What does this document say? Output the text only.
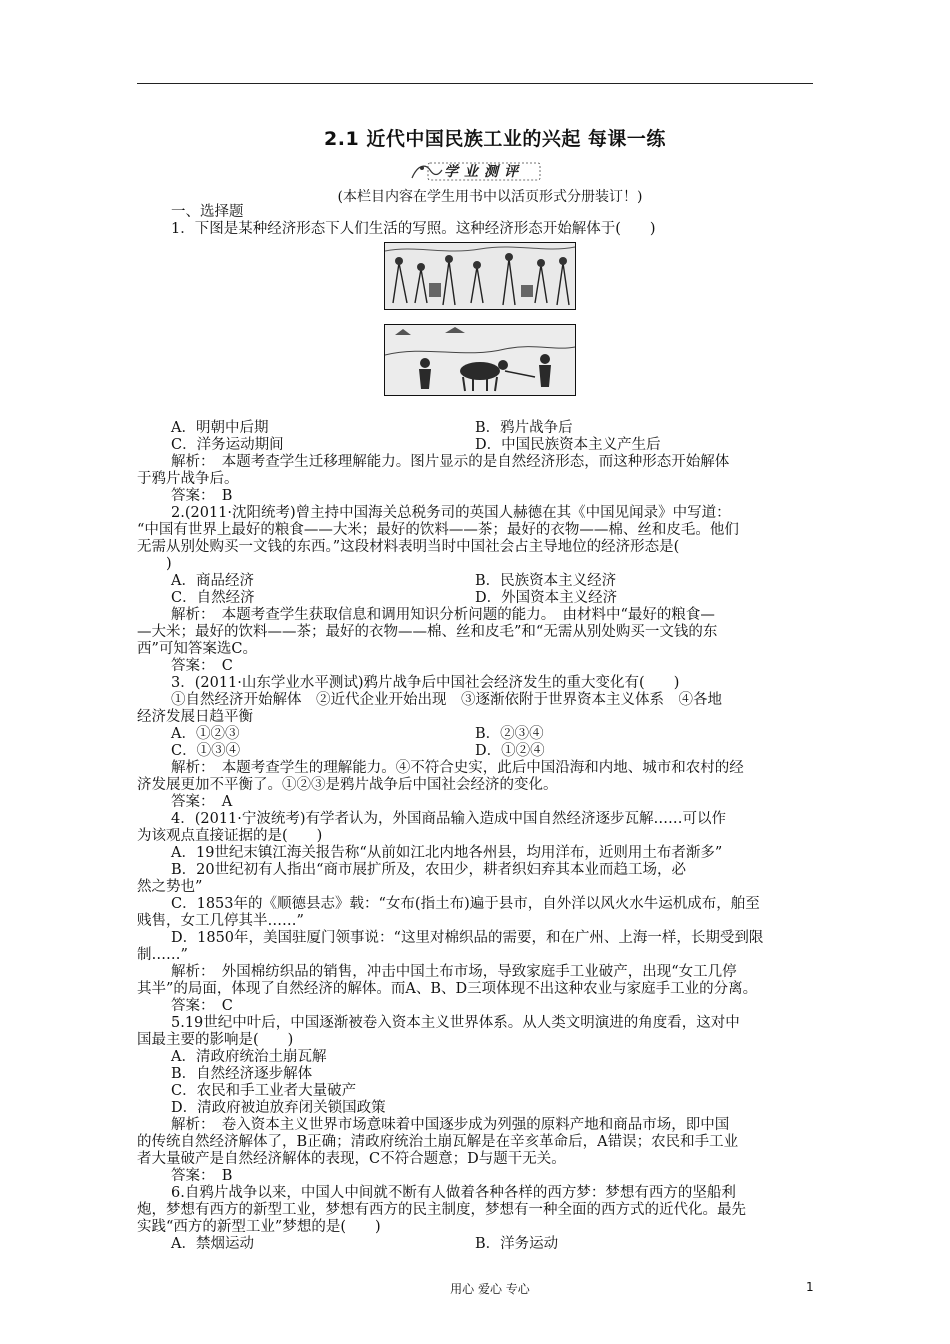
2.1 近代中国民族工业的兴起 每课一练
学业测评
(本栏目内容在学生用书中以活页形式分册装订！)

一、选择题

1．下图是某种经济形态下人们生活的写照。这种经济形态开始解体于(　　)

A．明朝中后期	B．鸦片战争后
C．洋务运动期间	D．中国民族资本主义产生后

解析：　本题考查学生迁移理解能力。图片显示的是自然经济形态，而这种形态开始解体

于鸦片战争后。

答案：　B

2.(2011·沈阳统考)曾主持中国海关总税务司的英国人赫德在其《中国见闻录》中写道：

“中国有世界上最好的粮食——大米；最好的饮料——茶；最好的衣物——棉、丝和皮毛。他们

无需从别处购买一文钱的东西。”这段材料表明当时中国社会占主导地位的经济形态是(

　　)

A．商品经济	B．民族资本主义经济
C．自然经济	D．外国资本主义经济

解析：　本题考查学生获取信息和调用知识分析问题的能力。　由材料中“最好的粮食—

—大米；最好的饮料——茶；最好的衣物——棉、丝和皮毛”和“无需从别处购买一文钱的东

西”可知答案选C。

答案：　C

3．(2011·山东学业水平测试)鸦片战争后中国社会经济发生的重大变化有(　　)

①自然经济开始解体　②近代企业开始出现　③逐渐依附于世界资本主义体系　④各地

经济发展日趋平衡

A．①②③	B．②③④
C．①③④	D．①②④

解析：　本题考查学生的理解能力。④不符合史实，此后中国沿海和内地、城市和农村的经

济发展更加不平衡了。①②③是鸦片战争后中国社会经济的变化。

答案：　A

4．(2011·宁波统考)有学者认为，外国商品输入造成中国自然经济逐步瓦解……可以作

为该观点直接证据的是(　　)

A．19世纪末镇江海关报告称“从前如江北内地各州县，均用洋布，近则用土布者渐多”

B．20世纪初有人指出“商市展扩所及，农田少，耕者织妇弃其本业而趋工场，必

然之势也”

C．1853年的《顺德县志》载：“女布(指土布)遍于县市，自外洋以风火水牛运机成布，舶至

贱售，女工几停其半……”

D．1850年，美国驻厦门领事说：“这里对棉织品的需要，和在广州、上海一样，长期受到限

制……”

解析：　外国棉纺织品的销售，冲击中国土布市场，导致家庭手工业破产，出现“女工几停

其半”的局面，体现了自然经济的解体。而A、B、D三项体现不出这种农业与家庭手工业的分离。

答案：　C

5.19世纪中叶后，中国逐渐被卷入资本主义世界体系。从人类文明演进的角度看，这对中

国最主要的影响是(　　)

A．清政府统治土崩瓦解

B．自然经济逐步解体

C．农民和手工业者大量破产

D．清政府被迫放弃闭关锁国政策

解析：　卷入资本主义世界市场意味着中国逐步成为列强的原料产地和商品市场，即中国

的传统自然经济解体了，B正确；清政府统治土崩瓦解是在辛亥革命后，A错误；农民和手工业

者大量破产是自然经济解体的表现，C不符合题意；D与题干无关。

答案：　B

6.自鸦片战争以来，中国人中间就不断有人做着各种各样的西方梦：梦想有西方的坚船利

炮，梦想有西方的新型工业，梦想有西方的民主制度，梦想有一种全面的西方式的近代化。最先

实践“西方的新型工业”梦想的是(　　)

A．禁烟运动	B．洋务运动
用心 爱心 专心	1
